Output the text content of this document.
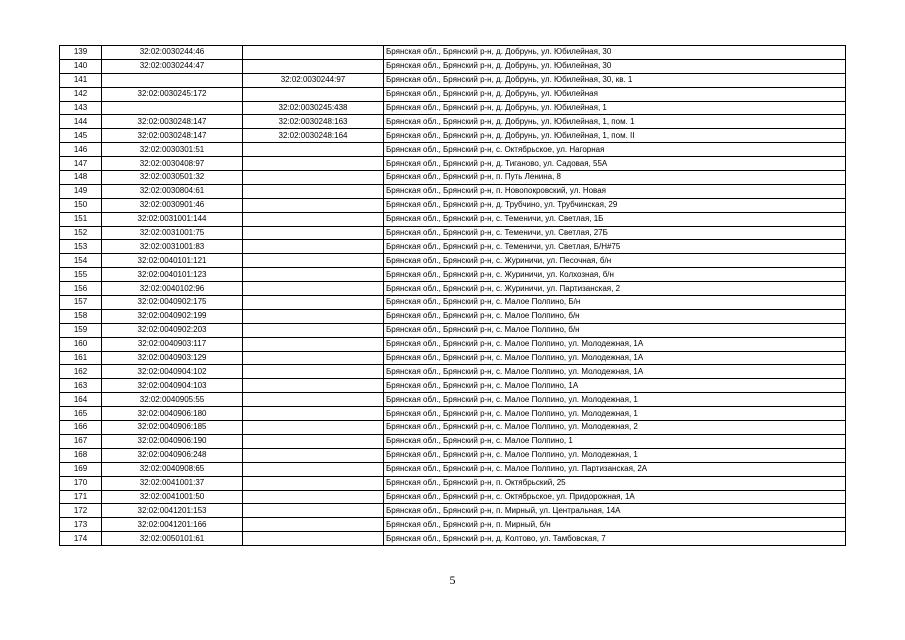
139	32:02:0030244:46		Брянская обл., Брянский р-н, д. Добрунь, ул. Юбилейная, 30
140	32:02:0030244:47		Брянская обл., Брянский р-н, д. Добрунь, ул. Юбилейная, 30
141		32:02:0030244:97	Брянская обл., Брянский р-н, д. Добрунь, ул. Юбилейная, 30, кв. 1
142	32:02:0030245:172		Брянская обл., Брянский р-н, д. Добрунь, ул. Юбилейная
143		32:02:0030245:438	Брянская обл., Брянский р-н, д. Добрунь, ул. Юбилейная, 1
144	32:02:0030248:147	32:02:0030248:163	Брянская обл., Брянский р-н, д. Добрунь, ул. Юбилейная, 1, пом. 1
145	32:02:0030248:147	32:02:0030248:164	Брянская обл., Брянский р-н, д. Добрунь, ул. Юбилейная, 1, пом. II
146	32:02:0030301:51		Брянская обл., Брянский р-н, с. Октябрьское, ул. Нагорная
147	32:02:0030408:97		Брянская обл., Брянский р-н, д. Тиганово, ул. Садовая, 55А
148	32:02:0030501:32		Брянская обл., Брянский р-н, п. Путь Ленина, 8
149	32:02:0030804:61		Брянская обл., Брянский р-н, п. Новопокровский, ул. Новая
150	32:02:0030901:46		Брянская обл., Брянский р-н, д. Трубчино, ул. Трубчинская, 29
151	32:02:0031001:144		Брянская обл., Брянский р-н, с. Теменичи, ул. Светлая, 1Б
152	32:02:0031001:75		Брянская обл., Брянский р-н, с. Теменичи, ул. Светлая, 27Б
153	32:02:0031001:83		Брянская обл., Брянский р-н, с. Теменичи, ул. Светлая, Б/Н#75
154	32:02:0040101:121		Брянская обл., Брянский р-н, с. Журиничи, ул. Песочная, б/н
155	32:02:0040101:123		Брянская обл., Брянский р-н, с. Журиничи, ул. Колхозная, б/н
156	32:02:0040102:96		Брянская обл., Брянский р-н, с. Журиничи, ул. Партизанская, 2
157	32:02:0040902:175		Брянская обл., Брянский р-н, с. Малое Полпино, Б/н
158	32:02:0040902:199		Брянская обл., Брянский р-н, с. Малое Полпино, б/н
159	32:02:0040902:203		Брянская обл., Брянский р-н, с. Малое Полпино, б/н
160	32:02:0040903:117		Брянская обл., Брянский р-н, с. Малое Полпино, ул. Молодежная, 1А
161	32:02:0040903:129		Брянская обл., Брянский р-н, с. Малое Полпино, ул. Молодежная, 1А
162	32:02:0040904:102		Брянская обл., Брянский р-н, с. Малое Полпино, ул. Молодежная, 1А
163	32:02:0040904:103		Брянская обл., Брянский р-н, с. Малое Полпино, 1А
164	32:02:0040905:55		Брянская обл., Брянский р-н, с. Малое Полпино, ул. Молодежная, 1
165	32:02:0040906:180		Брянская обл., Брянский р-н, с. Малое Полпино, ул. Молодежная, 1
166	32:02:0040906:185		Брянская обл., Брянский р-н, с. Малое Полпино, ул. Молодежная, 2
167	32:02:0040906:190		Брянская обл., Брянский р-н, с. Малое Полпино, 1
168	32:02:0040906:248		Брянская обл., Брянский р-н, с. Малое Полпино, ул. Молодежная, 1
169	32:02:0040908:65		Брянская обл., Брянский р-н, с. Малое Полпино, ул. Партизанская, 2А
170	32:02:0041001:37		Брянская обл., Брянский р-н, п. Октябрьский, 25
171	32:02:0041001:50		Брянская обл., Брянский р-н, с. Октябрьское, ул. Придорожная, 1А
172	32:02:0041201:153		Брянская обл., Брянский р-н, п. Мирный, ул. Центральная, 14А
173	32:02:0041201:166		Брянская обл., Брянский р-н, п. Мирный, б/н
174	32:02:0050101:61		Брянская обл., Брянский р-н, д. Колтово, ул. Тамбовская, 7
5
